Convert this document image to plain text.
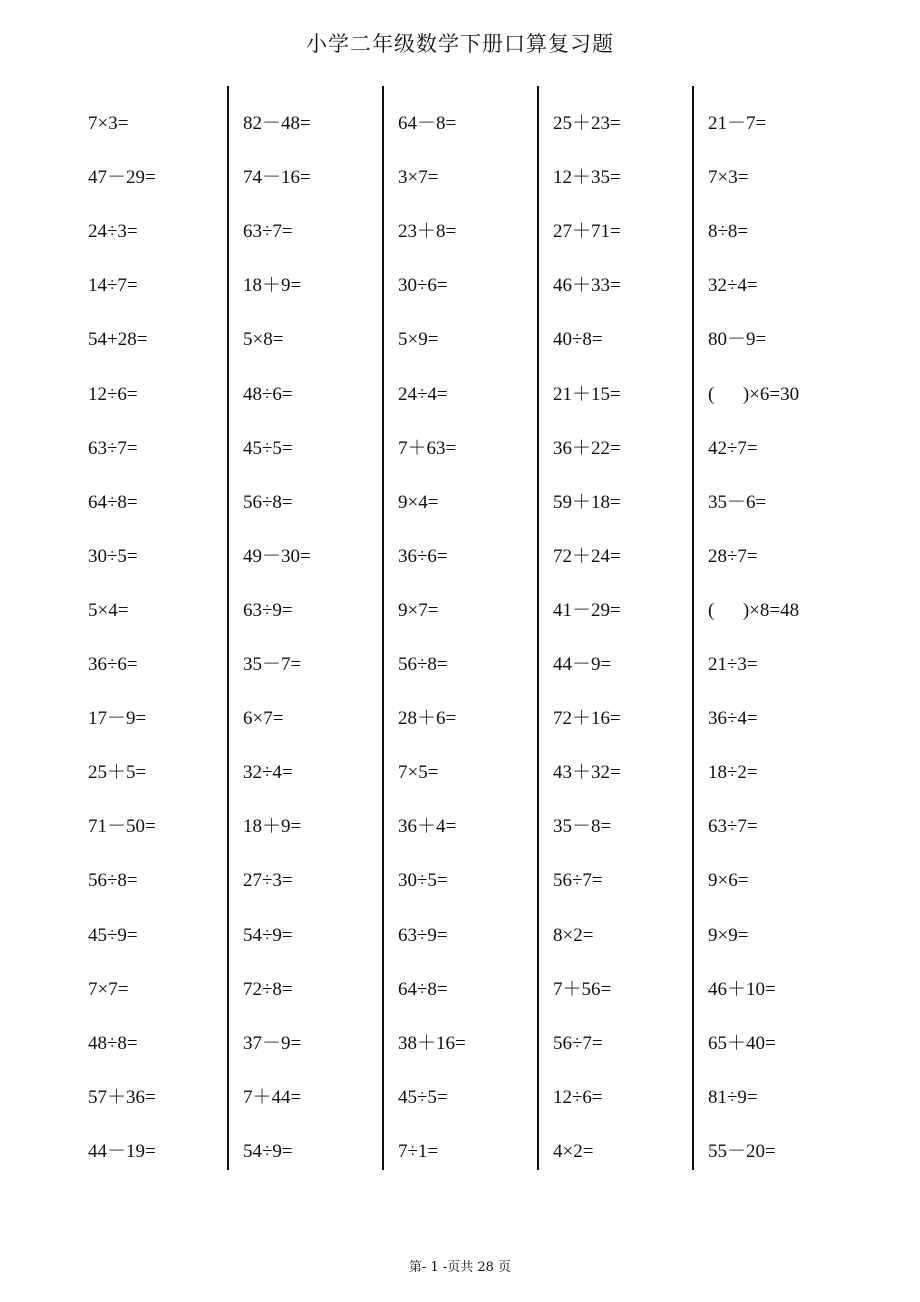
小学二年级数学下册口算复习题
7×3=
47－29=
24÷3=
14÷7=
54+28=
12÷6=
63÷7=
64÷8=
30÷5=
5×4=
36÷6=
17－9=
25＋5=
71－50=
56÷8=
45÷9=
7×7=
48÷8=
57＋36=
44－19=
82－48=
74－16=
63÷7=
18＋9=
5×8=
48÷6=
45÷5=
56÷8=
49－30=
63÷9=
35－7=
6×7=
32÷4=
18＋9=
27÷3=
54÷9=
72÷8=
37－9=
7＋44=
54÷9=
64－8=
3×7=
23＋8=
30÷6=
5×9=
24÷4=
7＋63=
9×4=
36÷6=
9×7=
56÷8=
28＋6=
7×5=
36＋4=
30÷5=
63÷9=
64÷8=
38＋16=
45÷5=
7÷1=
25＋23=
12＋35=
27＋71=
46＋33=
40÷8=
21＋15=
36＋22=
59＋18=
72＋24=
41－29=
44－9=
72＋16=
43＋32=
35－8=
56÷7=
8×2=
7＋56=
56÷7=
12÷6=
4×2=
21－7=
7×3=
8÷8=
32÷4=
80－9=
(      )×6=30
42÷7=
35－6=
28÷7=
(      )×8=48
21÷3=
36÷4=
18÷2=
63÷7=
9×6=
9×9=
46＋10=
65＋40=
81÷9=
55－20=
第- 1 -页共 28 页
